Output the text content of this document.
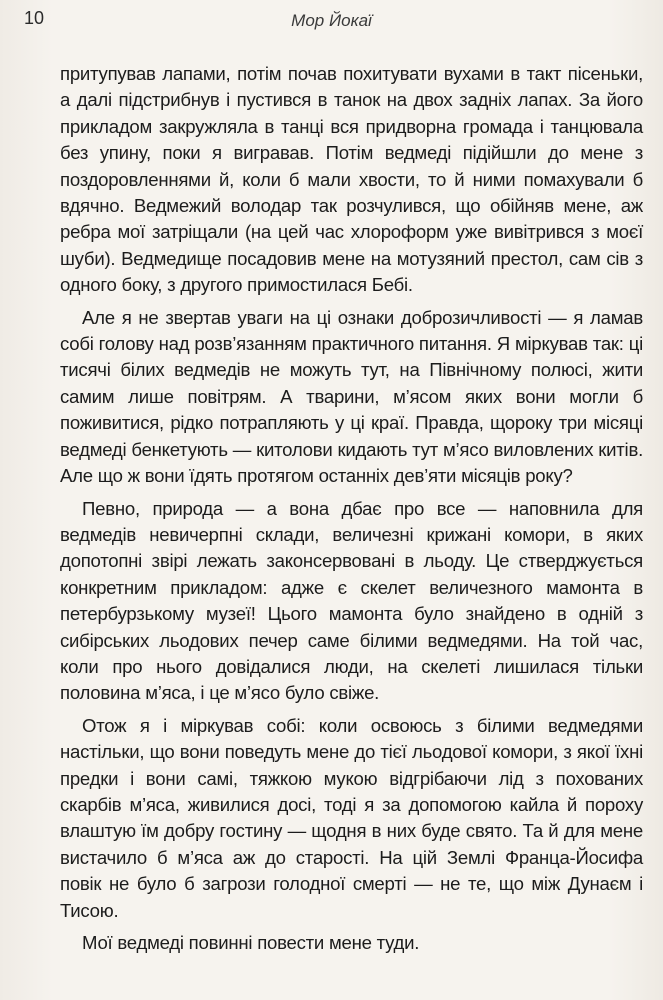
10	Мор Йокаї

притупував лапами, потім почав похитувати вухами в такт пісеньки, а далі підстрибнув і пустився в танок на двох задніх лапах. За його прикладом закружляла в танці вся придворна громада і танцювала без упину, поки я вигравав. Потім ведмеді підійшли до мене з поздоровленнями й, коли б мали хвости, то й ними помахували б вдячно. Ведмежий володар так розчулився, що обійняв мене, аж ребра мої затріщали (на цей час хлороформ уже вивітрився з моєї шуби). Ведмедище посадовив мене на мотузяний престол, сам сів з одного боку, з другого примостилася Бебі.

Але я не звертав уваги на ці ознаки доброзичливості — я ламав собі голову над розв’язанням практичного питання. Я міркував так: ці тисячі білих ведмедів не можуть тут, на Північному полюсі, жити самим лише повітрям. А тварини, м’ясом яких вони могли б поживитися, рідко потрапляють у ці краї. Правда, щороку три місяці ведмеді бенкетують — китолови кидають тут м’ясо виловлених китів. Але що ж вони їдять протягом останніх дев’яти місяців року?

Певно, природа — а вона дбає про все — наповнила для ведмедів невичерпні склади, величезні крижані комори, в яких допотопні звірі лежать законсервовані в льоду. Це стверджується конкретним прикладом: адже є скелет величезного мамонта в петербурзькому музеї! Цього мамонта було знайдено в одній з сибірських льодових печер саме білими ведмедями. На той час, коли про нього довідалися люди, на скелеті лишилася тільки половина м’яса, і це м’ясо було свіже.

Отож я і міркував собі: коли освоюсь з білими ведмедями настільки, що вони поведуть мене до тієї льодової комори, з якої їхні предки і вони самі, тяжкою мукою відгрібаючи лід з похованих скарбів м’яса, живилися досі, тоді я за допомогою кайла й пороху влаштую їм добру гостину — щодня в них буде свято. Та й для мене вистачило б м’яса аж до старості. На цій Землі Франца-Йосифа повік не було б загрози голодної смерті — не те, що між Дунаєм і Тисою.

Мої ведмеді повинні повести мене туди.
